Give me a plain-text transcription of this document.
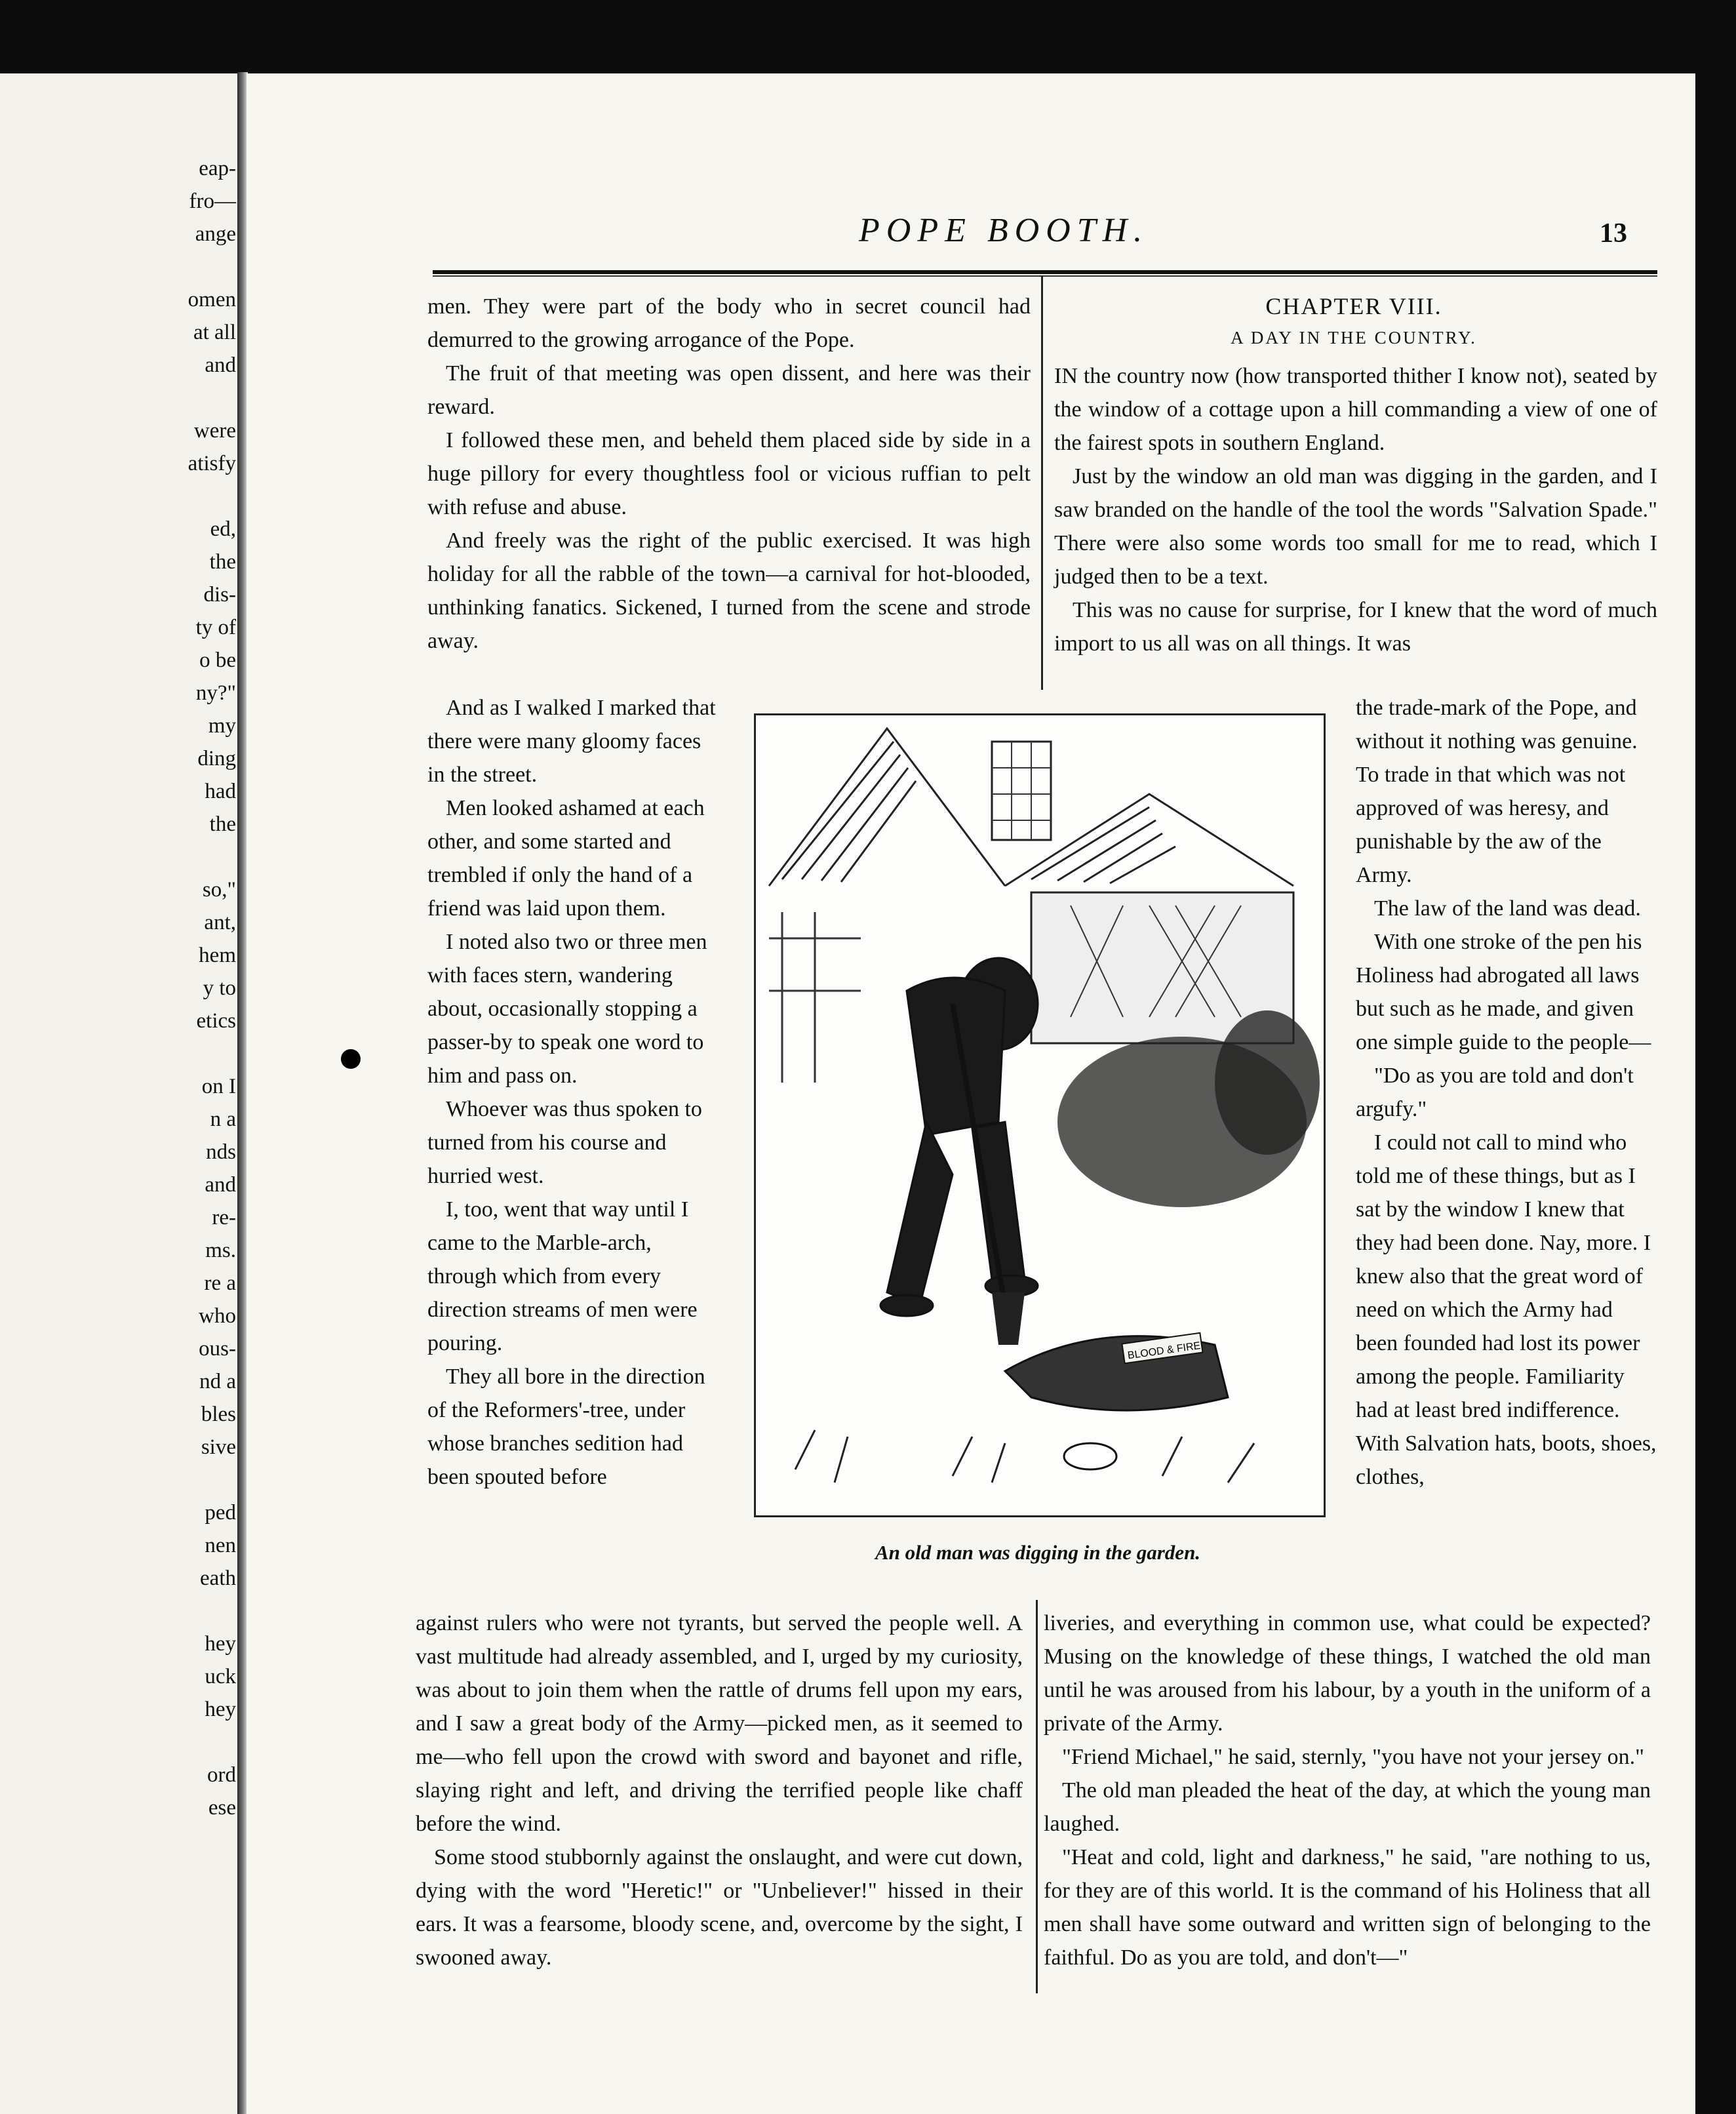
eap-
fro—
ange
omen
at all
and
were
atisfy
ed,
the
dis-
ty of
o be
ny?"
my
ding
had
the
so,"
ant,
hem
y to
etics
on I
n a
nds
and
re-
ms.
re a
who
ous-
nd a
bles
sive
ped
nen
eath
hey
uck
hey
ord
ese
POPE BOOTH.	13

men. They were part of the body who in secret council had demurred to the growing arrogance of the Pope.

The fruit of that meeting was open dissent, and here was their reward.

I followed these men, and beheld them placed side by side in a huge pillory for every thoughtless fool or vicious ruffian to pelt with refuse and abuse.

And freely was the right of the public exercised. It was high holiday for all the rabble of the town—a carnival for hot-blooded, unthinking fanatics. Sickened, I turned from the scene and strode away.

And as I walked I marked that there were many gloomy faces in the street.

Men looked ashamed at each other, and some started and trembled if only the hand of a friend was laid upon them.

I noted also two or three men with faces stern, wandering about, occasionally stopping a passer-by to speak one word to him and pass on.

Whoever was thus spoken to turned from his course and hurried west.

I, too, went that way until I came to the Marble-arch, through which from every direction streams of men were pouring.

They all bore in the direction of the Reformers'-tree, under whose branches sedition had been spouted before

against rulers who were not tyrants, but served the people well. A vast multitude had already assembled, and I, urged by my curiosity, was about to join them when the rattle of drums fell upon my ears, and I saw a great body of the Army—picked men, as it seemed to me—who fell upon the crowd with sword and bayonet and rifle, slaying right and left, and driving the terrified people like chaff before the wind.

Some stood stubbornly against the onslaught, and were cut down, dying with the word "Heretic!" or "Unbeliever!" hissed in their ears. It was a fearsome, bloody scene, and, overcome by the sight, I swooned away.

CHAPTER VIII.
A DAY IN THE COUNTRY.

IN the country now (how transported thither I know not), seated by the window of a cottage upon a hill commanding a view of one of the fairest spots in southern England.

Just by the window an old man was digging in the garden, and I saw branded on the handle of the tool the words "Salvation Spade." There were also some words too small for me to read, which I judged then to be a text.

This was no cause for surprise, for I knew that the word of much import to us all was on all things. It was

the trade-mark of the Pope, and without it nothing was genuine. To trade in that which was not approved of was heresy, and punishable by the aw of the Army.

The law of the land was dead.

With one stroke of the pen his Holiness had abrogated all laws but such as he made, and given one simple guide to the people—

"Do as you are told and don't argufy."

I could not call to mind who told me of these things, but as I sat by the window I knew that they had been done. Nay, more. I knew also that the great word of need on which the Army had been founded had lost its power among the people. Familiarity had at least bred indifference. With Salvation hats, boots, shoes, clothes,

liveries, and everything in common use, what could be expected? Musing on the knowledge of these things, I watched the old man until he was aroused from his labour, by a youth in the uniform of a private of the Army.

"Friend Michael," he said, sternly, "you have not your jersey on."

The old man pleaded the heat of the day, at which the young man laughed.

"Heat and cold, light and darkness," he said, "are nothing to us, for they are of this world. It is the command of his Holiness that all men shall have some outward and written sign of belonging to the faithful. Do as you are told, and don't—"

BLOOD & FIRE
An old man was digging in the garden.
